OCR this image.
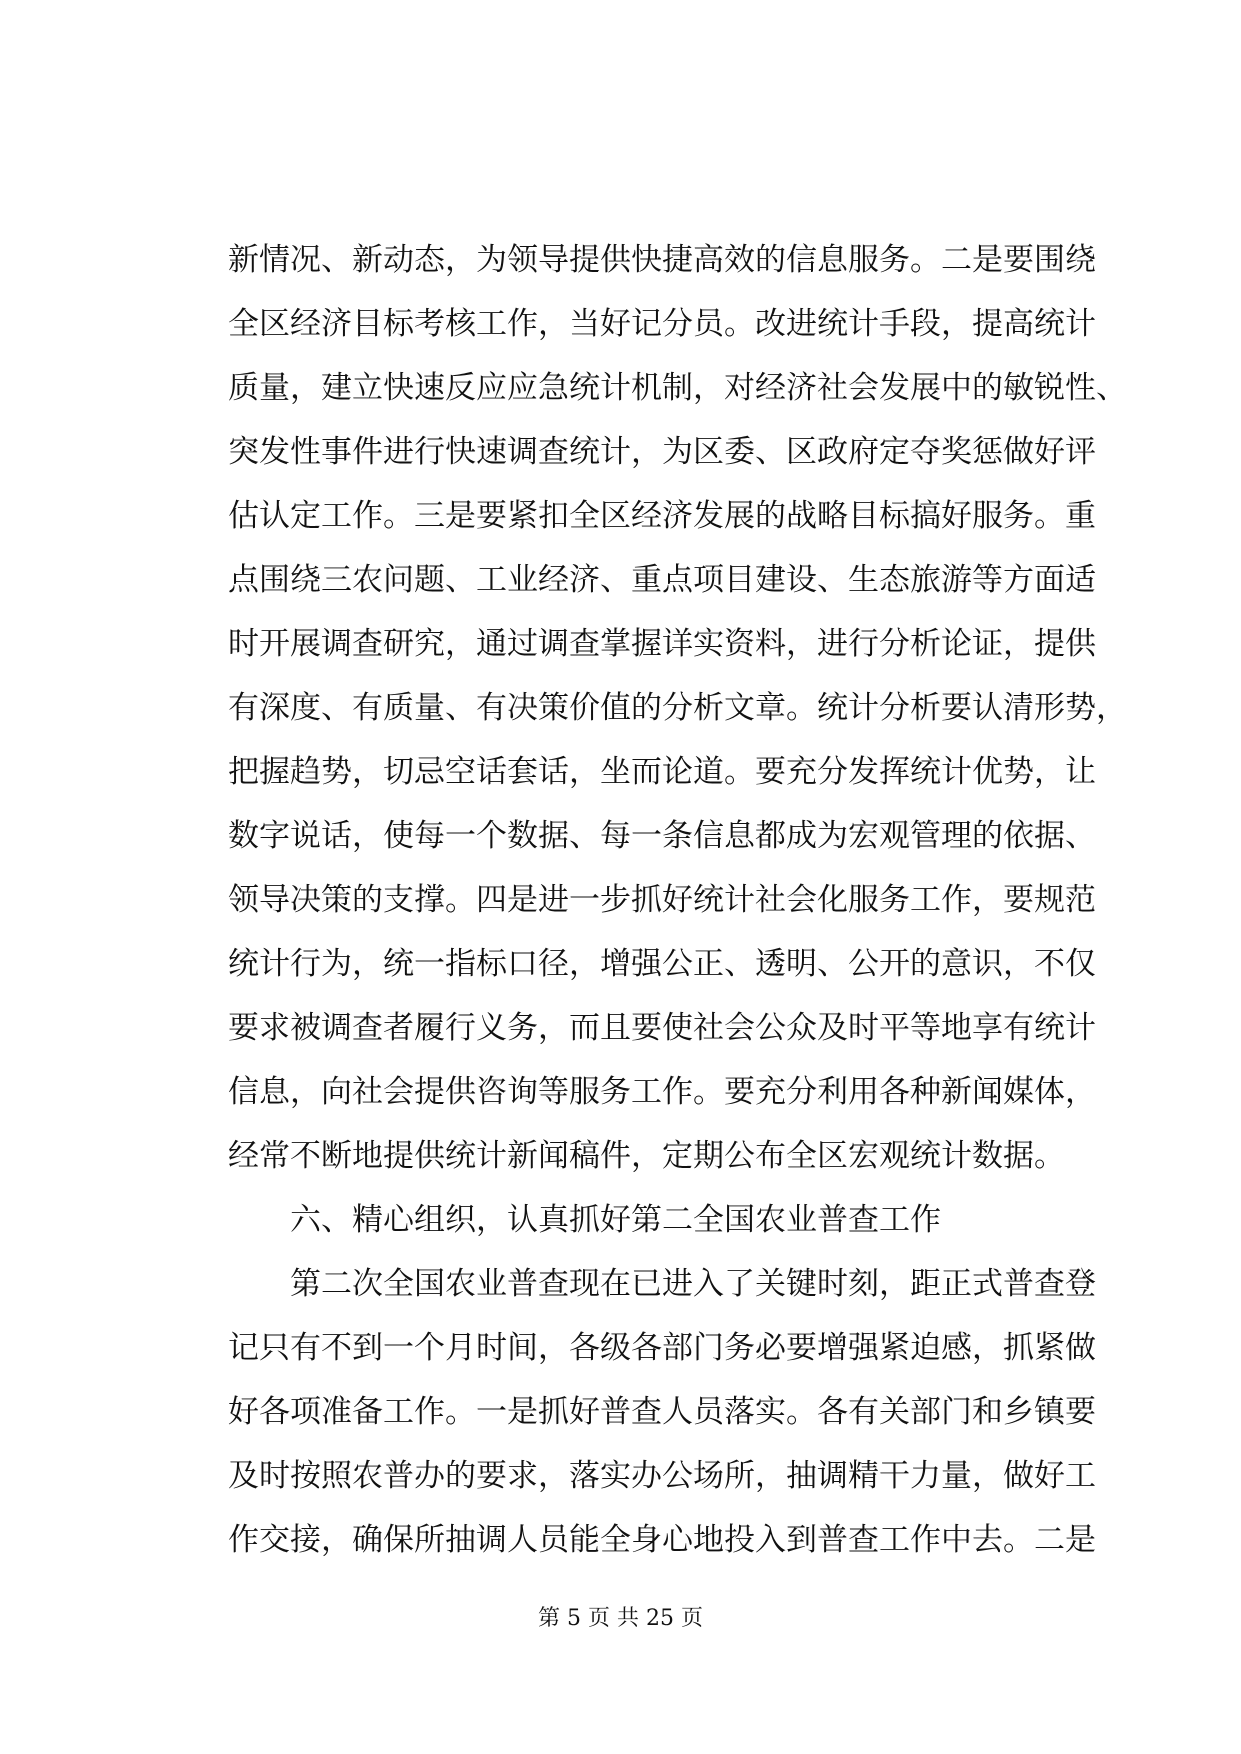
新情况、新动态，为领导提供快捷高效的信息服务。二是要围绕
全区经济目标考核工作，当好记分员。改进统计手段，提高统计
质量，建立快速反应应急统计机制，对经济社会发展中的敏锐性、
突发性事件进行快速调查统计，为区委、区政府定夺奖惩做好评
估认定工作。三是要紧扣全区经济发展的战略目标搞好服务。重
点围绕三农问题、工业经济、重点项目建设、生态旅游等方面适
时开展调查研究，通过调查掌握详实资料，进行分析论证，提供
有深度、有质量、有决策价值的分析文章。统计分析要认清形势，
把握趋势，切忌空话套话，坐而论道。要充分发挥统计优势，让
数字说话，使每一个数据、每一条信息都成为宏观管理的依据、
领导决策的支撑。四是进一步抓好统计社会化服务工作，要规范
统计行为，统一指标口径，增强公正、透明、公开的意识，不仅
要求被调查者履行义务，而且要使社会公众及时平等地享有统计
信息，向社会提供咨询等服务工作。要充分利用各种新闻媒体，
经常不断地提供统计新闻稿件，定期公布全区宏观统计数据。
　　六、精心组织，认真抓好第二全国农业普查工作
　　第二次全国农业普查现在已进入了关键时刻，距正式普查登
记只有不到一个月时间，各级各部门务必要增强紧迫感，抓紧做
好各项准备工作。一是抓好普查人员落实。各有关部门和乡镇要
及时按照农普办的要求，落实办公场所，抽调精干力量，做好工
作交接，确保所抽调人员能全身心地投入到普查工作中去。二是
第 5 页 共 25 页
